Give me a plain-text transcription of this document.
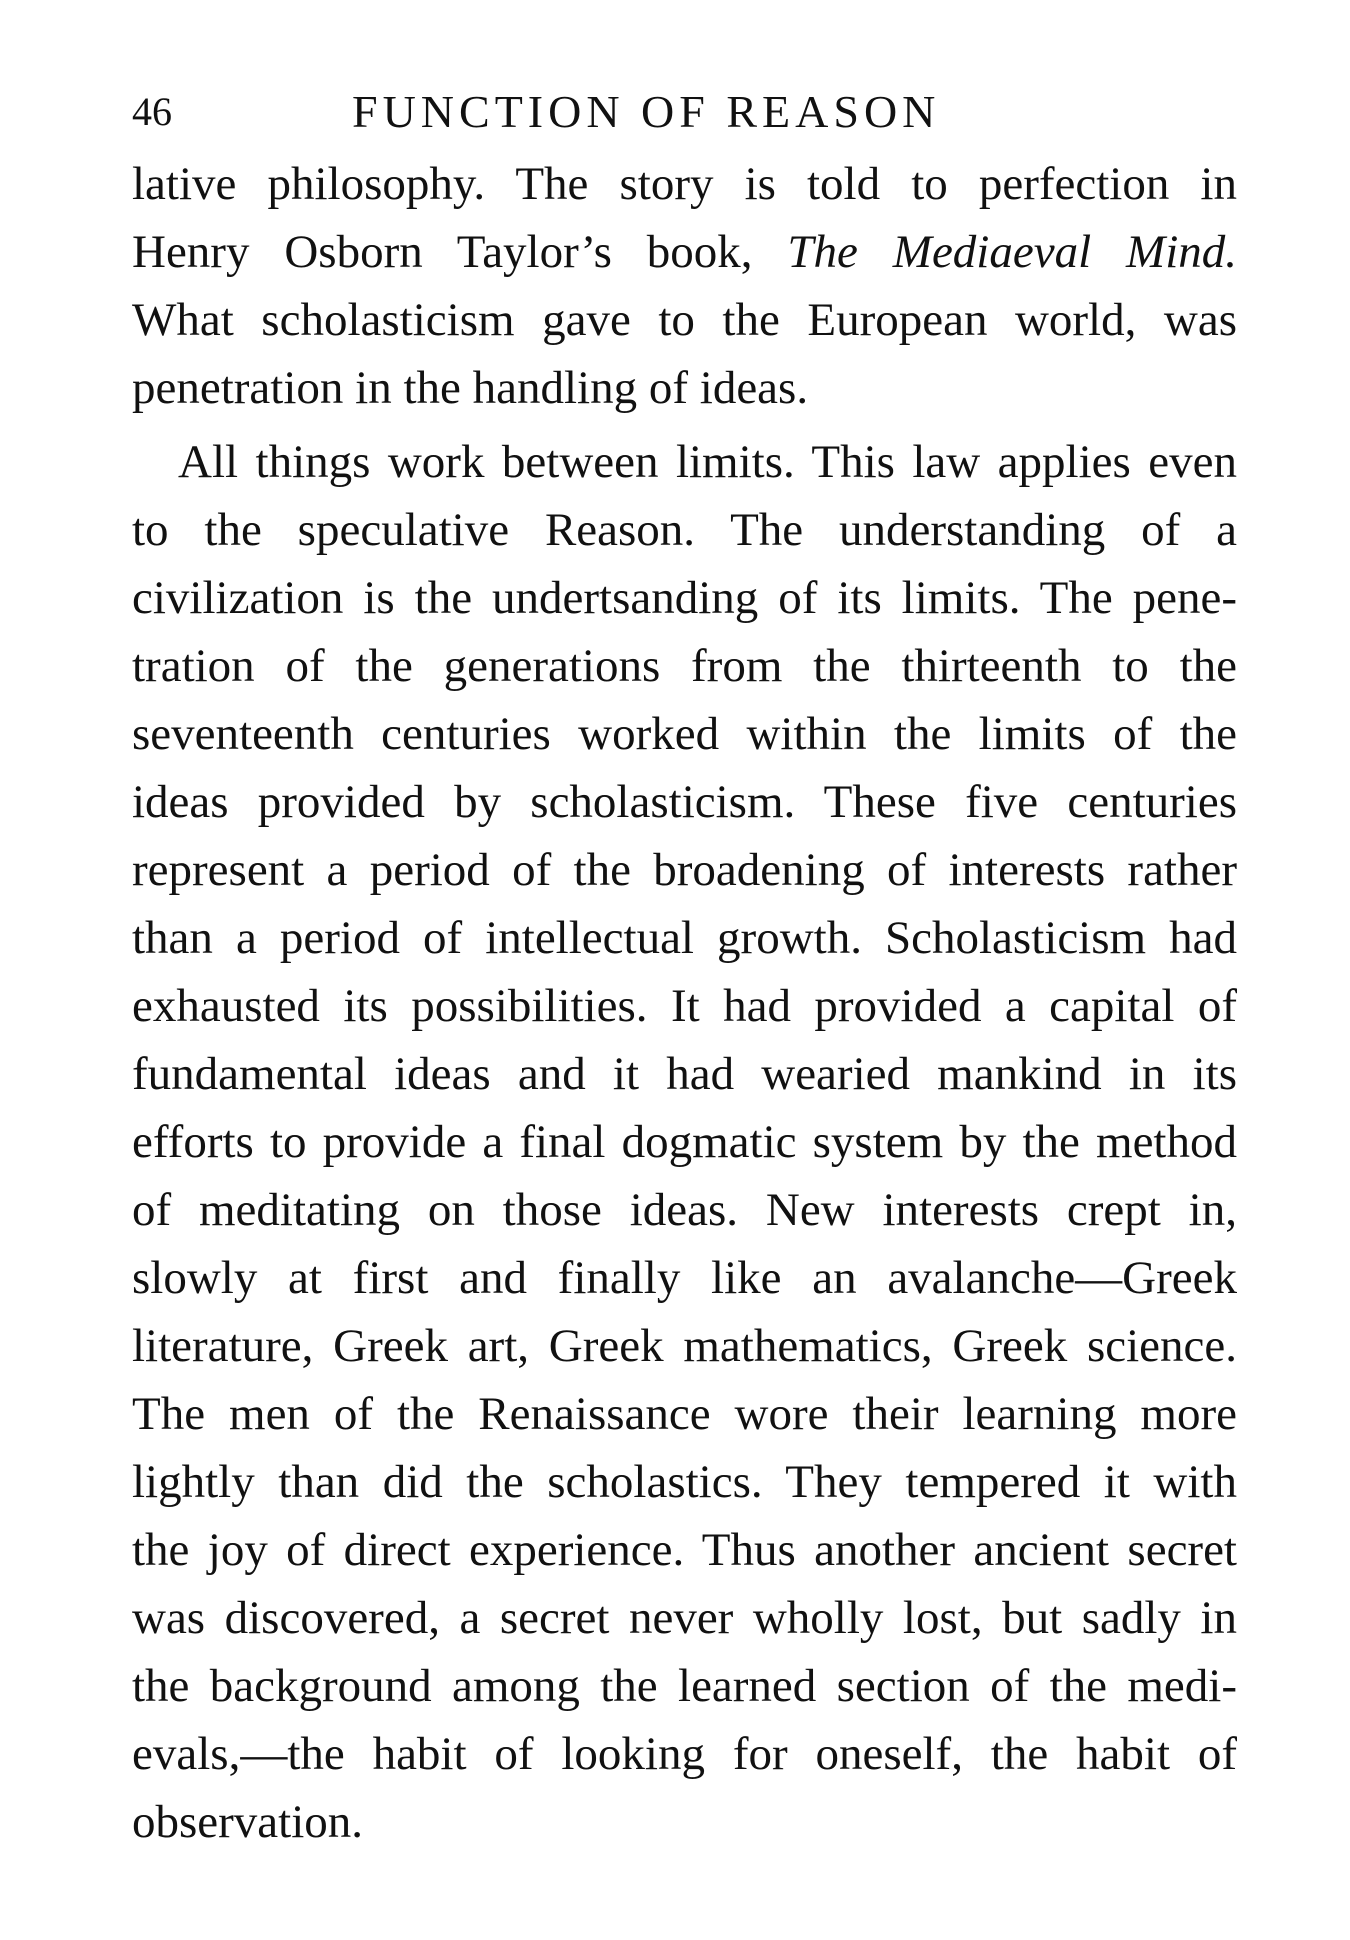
46	FUNCTION OF REASON
lative philosophy. The story is told to perfection in
Henry Osborn Taylor’s book, The Mediaeval Mind.
What scholasticism gave to the European world, was
penetration in the handling of ideas.
All things work between limits. This law applies even
to the speculative Reason. The understanding of a
civilization is the undertsanding of its limits. The pene-
tration of the generations from the thirteenth to the
seventeenth centuries worked within the limits of the
ideas provided by scholasticism. These five centuries
represent a period of the broadening of interests rather
than a period of intellectual growth. Scholasticism had
exhausted its possibilities. It had provided a capital of
fundamental ideas and it had wearied mankind in its
efforts to provide a final dogmatic system by the method
of meditating on those ideas. New interests crept in,
slowly at first and finally like an avalanche—Greek
literature, Greek art, Greek mathematics, Greek science.
The men of the Renaissance wore their learning more
lightly than did the scholastics. They tempered it with
the joy of direct experience. Thus another ancient secret
was discovered, a secret never wholly lost, but sadly in
the background among the learned section of the medi-
evals,—the habit of looking for oneself, the habit of
observation.
